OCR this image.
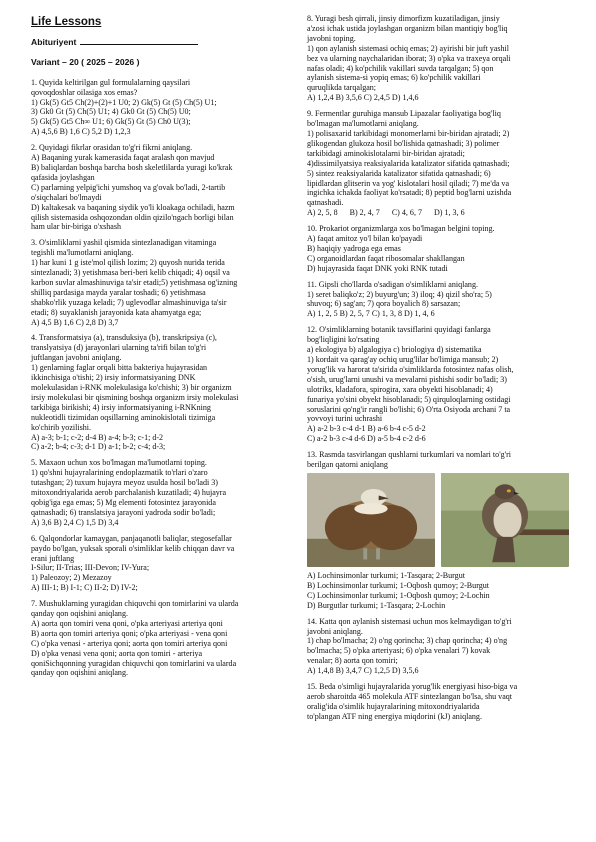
Life Lessons
Abituriyent
Variant – 20 ( 2025 – 2026 )

1. Quyida keltirilgan gul formulalarning qaysilari

qovoqdoshlar oilasiga xos emas?

1) Gk(5) Gt5 Ch(2)+(2)+1 U0; 2) Gk(5) Gt (5) Ch(5) U1;

3) Gk0 Gt (5) Ch(5) U1; 4) Gk0 Gt (5) Ch(5) U0;

5) Gk(5) Gt5 Ch∞ U1; 6) Gk(5) Gt (5) Ch0 U(3);

A) 4,5,6 B) 1,6 C) 5,2 D) 1,2,3

2. Quyidagi fikrlar orasidan to'g'ri fikrni aniqlang.

A) Baqaning yurak kamerasida faqat aralash qon mavjud

B) baliqlardan boshqa barcha bosh skeletlilarda yuragi ko'krak

qafasida joylashgan

C) parlarning yelpig'ichi yumshoq va g'ovak bo'ladi, 2-tartib

o'siqchalari bo'lmaydi

D) kaltakesak va baqaning siydik yo'li kloakaga ochiladi, hazm

qilish sistemasida oshqozondan oldin qizilo'ngach borligi bilan

ham ular bir-biriga o'xshash

3. O'simliklarni yashil qismida sintezlanadigan vitaminga

tegishli ma'lumotlarni aniqlang.

1) har kuni 1 g iste'mol qilish lozim; 2) quyosh nurida terida

sintezlanadi; 3) yetishmasa beri-beri kelib chiqadi; 4) oqsil va

karbon suvlar almashinuviga ta'sir etadi;5) yetishmasa og'izning

shilliq pardasiga mayda yaralar toshadi; 6) yetishmasa

shabko'rlik yuzaga keladi; 7) uglevodlar almashinuviga ta'sir

etadi; 8) suyaklanish jarayonida kata ahamyatga ega;

A) 4,5 B) 1,6 C) 2,8 D) 3,7

4. Transformatsiya (a), transduksiya (b), transkripsiya (c),

translyatsiya (d) jarayonlari ularning ta'rifi bilan to'g'ri

juftlangan javobni aniqlang.

1) genlarning faglar orqali bitta bakteriya hujayrasidan

ikkinchisiga o'tishi; 2) irsiy informatsiyaning DNK

molekulasidan i-RNK molekulasiga ko'chishi; 3) bir organizm

irsiy molekulasi bir qismining boshqa organizm irsiy molekulasi

tarkibiga birikishi; 4) irsiy informatsiyaning i-RNKning

nukleotidli tizimidan oqsillarning aminokislotali tizimiga

ko'chirib yozilishi.

A) a-3; b-1; c-2; d-4 B) a-4; b-3; c-1; d-2

C) a-2; b-4; c-3; d-1 D) a-1; b-2; c-4; d-3;

5. Maxaon uchun xos bo'lmagan ma'lumotlarni toping.

1) qo'shni hujayralarining endoplazmatik to'rlari o'zaro

tutashgan; 2) tuxum hujayra meyoz usulda hosil bo'ladi 3)

mitoxondriyalarida aerob parchalanish kuzatiladi; 4) hujayra

qobig'iga ega emas; 5) Mg elementi fotosintez jarayonida

qatnashadi; 6) translatsiya jarayoni yadroda sodir bo'ladi;

A) 3,6 B) 2,4 C) 1,5 D) 3,4

6. Qalqondorlar kamaygan, panjaqanotli baliqlar, stegosefallar

paydo bo'lgan, yuksak sporali o'simliklar kelib chiqqan davr va

erani juftlang

I-Silur; II-Trias; III-Devon; IV-Yura;

1) Paleozoy; 2) Mezazoy

A) III-1; B) I-1; C) II-2; D) IV-2;

7. Mushuklarning yuragidan chiquvchi qon tomirlarini va ularda

qanday qon oqishini aniqlang.

A) aorta qon tomiri vena qoni, o'pka arteriyasi arteriya qoni

B) aorta qon tomiri arteriya qoni; o'pka arteriyasi - vena qoni

C) o'pka venasi - arteriya qoni; aorta qon tomiri arteriya qoni

D) o'pka venasi vena qoni; aorta qon tomiri - arteriya

qoniSichqonning yuragidan chiquvchi qon tomirlarini va ularda

qanday qon oqishini aniqlang.

8. Yuragi besh qirrali, jinsiy dimorfizm kuzatiladigan, jinsiy

a'zosi ichak ustida joylashgan organizm bilan mantiqiy bog'liq

javobni toping.

1) qon aylanish sistemasi ochiq emas; 2) ayirishi bir juft yashil

bez va ularning naychalaridan iborat; 3) o'pka va traxeya orqali

nafas oladi; 4) ko'pchilik vakillari suvda tarqalgan; 5) qon

aylanish sistema-si yopiq emas; 6) ko'pchilik vakillari

quruqlikda tarqalgan;

A) 1,2,4 B) 3,5,6 C) 2,4,5 D) 1,4,6

9. Fermentlar guruhiga mansub Lipazalar faoliyatiga bog'liq

bo'lmagan ma'lumotlarni aniqlang.

1) polisaxarid tarkibidagi monomerlarni bir-biridan ajratadi; 2)

glikogendan glukoza hosil bo'lishida qatnashadi; 3) polimer

tarkibidagi aminokislotalarni bir-biridan ajratadi;

4)dissimilyatsiya reaksiyalarida katalizator sifatida qatnashadi;

5) sintez reaksiyalarida katalizator sifatida qatnashadi; 6)

lipidlardan glitserin va yog' kislotalari hosil qiladi; 7) me'da va

ingichka ichakda faoliyat ko'rsatadi; 8) peptid bog'larni uzishda

qatnashadi.

A) 2, 5, 8 B) 2, 4, 7 C) 4, 6, 7 D) 1, 3, 6

10. Prokariot organizmlarga xos bo'lmagan belgini toping.

A) faqat amitoz yo'l bilan ko'payadi

B) haqiqiy yadroga ega emas

C) organoidlardan faqat ribosomalar shakllangan

D) hujayrasida faqat DNK yoki RNK tutadi

11. Gipsli cho'llarda o'sadigan o'simliklarni aniqlang.

1) seret baliqko'z; 2) buyurg'un; 3) iloq; 4) qizil sho'ra; 5)

shuvoq; 6) sag'an; 7) qora boyalich 8) sarsazan;

A) 1, 2, 5 B) 2, 5, 7 C) 1, 3, 8 D) 1, 4, 6

12. O'simliklarning botanik tavsiflarini quyidagi fanlarga

bog'liqligini ko'rsating

a) ekologiya b) algalogiya c) briologiya d) sistematika

1) kordait va qarag'ay ochiq urug'lilar bo'limiga mansub; 2)

yorug'lik va harorat ta'sirida o'simliklarda fotosintez nafas olish,

o'sish, urug'larni unushi va mevalarni pishishi sodir bo'ladi; 3)

ulotriks, kladafora, spirogira, xara obyekti hisoblanadi; 4)

funariya yo'sini obyekt hisoblanadi; 5) qirquloqlarning ostidagi

soruslarini qo'ng'ir rangli bo'lishi; 6) O'rta Osiyoda archani 7 ta

yovvoyi turini uchrashi

A) a-2 b-3 c-4 d-1 B) a-6 b-4 c-5 d-2

C) a-2 b-3 c-4 d-6 D) a-5 b-4 c-2 d-6

13. Rasmda tasvirlangan qushlarni turkumlari va nomlari to'g'ri

berilgan qatorni aniqlang

A) Lochinsimonlar turkumi; 1-Tasqara; 2-Burgut

B) Lochinsimonlar turkumi; 1-Oqbosh qumoy; 2-Burgut

C) Lochinsimonlar turkumi; 1-Oqbosh qumoy; 2-Lochin

D) Burgutlar turkumi; 1-Tasqara; 2-Lochin

14. Katta qon aylanish sistemasi uchun mos kelmaydigan to'g'ri

javobni aniqlang.

1) chap bo'lmacha; 2) o'ng qorincha; 3) chap qorincha; 4) o'ng

bo'lmacha; 5) o'pka arteriyasi; 6) o'pka venalari 7) kovak

venalar; 8) aorta qon tomiri;

A) 1,4,8 B) 3,4,7 C) 1,2,5 D) 3,5,6

15. Beda o'simligi hujayralarida yorug'lik energiyasi hiso-biga va

aerob sharoitda 465 molekula ATF sintezlangan bo'lsa, shu vaqt

oralig'ida o'simlik hujayralarining mitoxondriyalarida

to'plangan ATF ning energiya miqdorini (kJ) aniqlang.
